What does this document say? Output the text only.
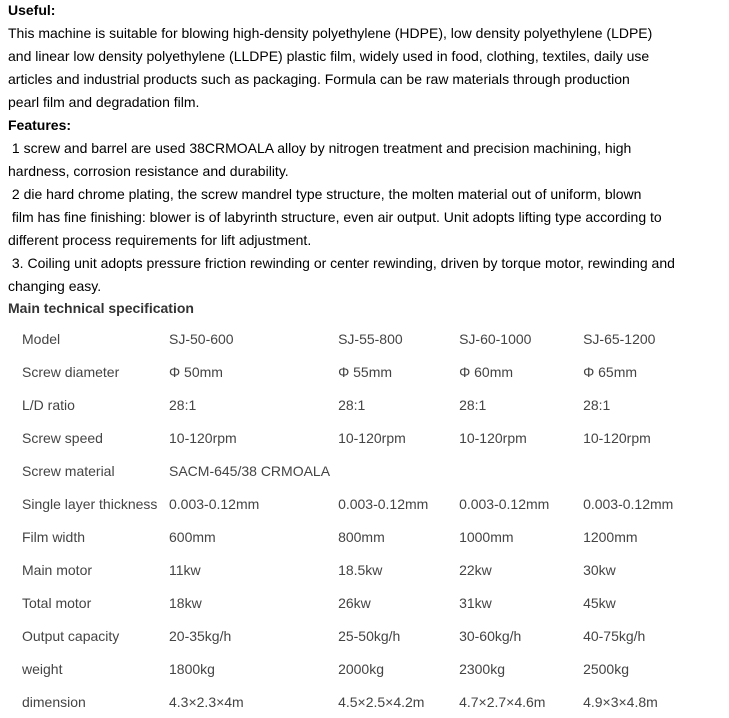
Useful:
This machine is suitable for blowing high-density polyethylene (HDPE), low density polyethylene (LDPE)
and linear low density polyethylene (LLDPE) plastic film, widely used in food, clothing, textiles, daily use
articles and industrial products such as packaging. Formula can be raw materials through production
pearl film and degradation film.
Features:
1 screw and barrel are used 38CRMOALA alloy by nitrogen treatment and precision machining, high
hardness, corrosion resistance and durability.
2 die hard chrome plating, the screw mandrel type structure, the molten material out of uniform, blown
film has fine finishing: blower is of labyrinth structure, even air output. Unit adopts lifting type according to
different process requirements for lift adjustment.
3. Coiling unit adopts pressure friction rewinding or center rewinding, driven by torque motor, rewinding and
changing easy.
Main technical specification
Model	SJ-50-600	SJ-55-800	SJ-60-1000	SJ-65-1200
Screw diameter	Φ 50mm	Φ 55mm	Φ 60mm	Φ 65mm
L/D ratio	28:1	28:1	28:1	28:1
Screw speed	10-120rpm	10-120rpm	10-120rpm	10-120rpm
Screw material	SACM-645/38 CRMOALA			
Single layer thickness	0.003-0.12mm	0.003-0.12mm	0.003-0.12mm	0.003-0.12mm
Film width	600mm	800mm	1000mm	1200mm
Main motor	11kw	18.5kw	22kw	30kw
Total motor	18kw	26kw	31kw	45kw
Output capacity	20-35kg/h	25-50kg/h	30-60kg/h	40-75kg/h
weight	1800kg	2000kg	2300kg	2500kg
dimension	4.3×2.3×4m	4.5×2.5×4.2m	4.7×2.7×4.6m	4.9×3×4.8m
